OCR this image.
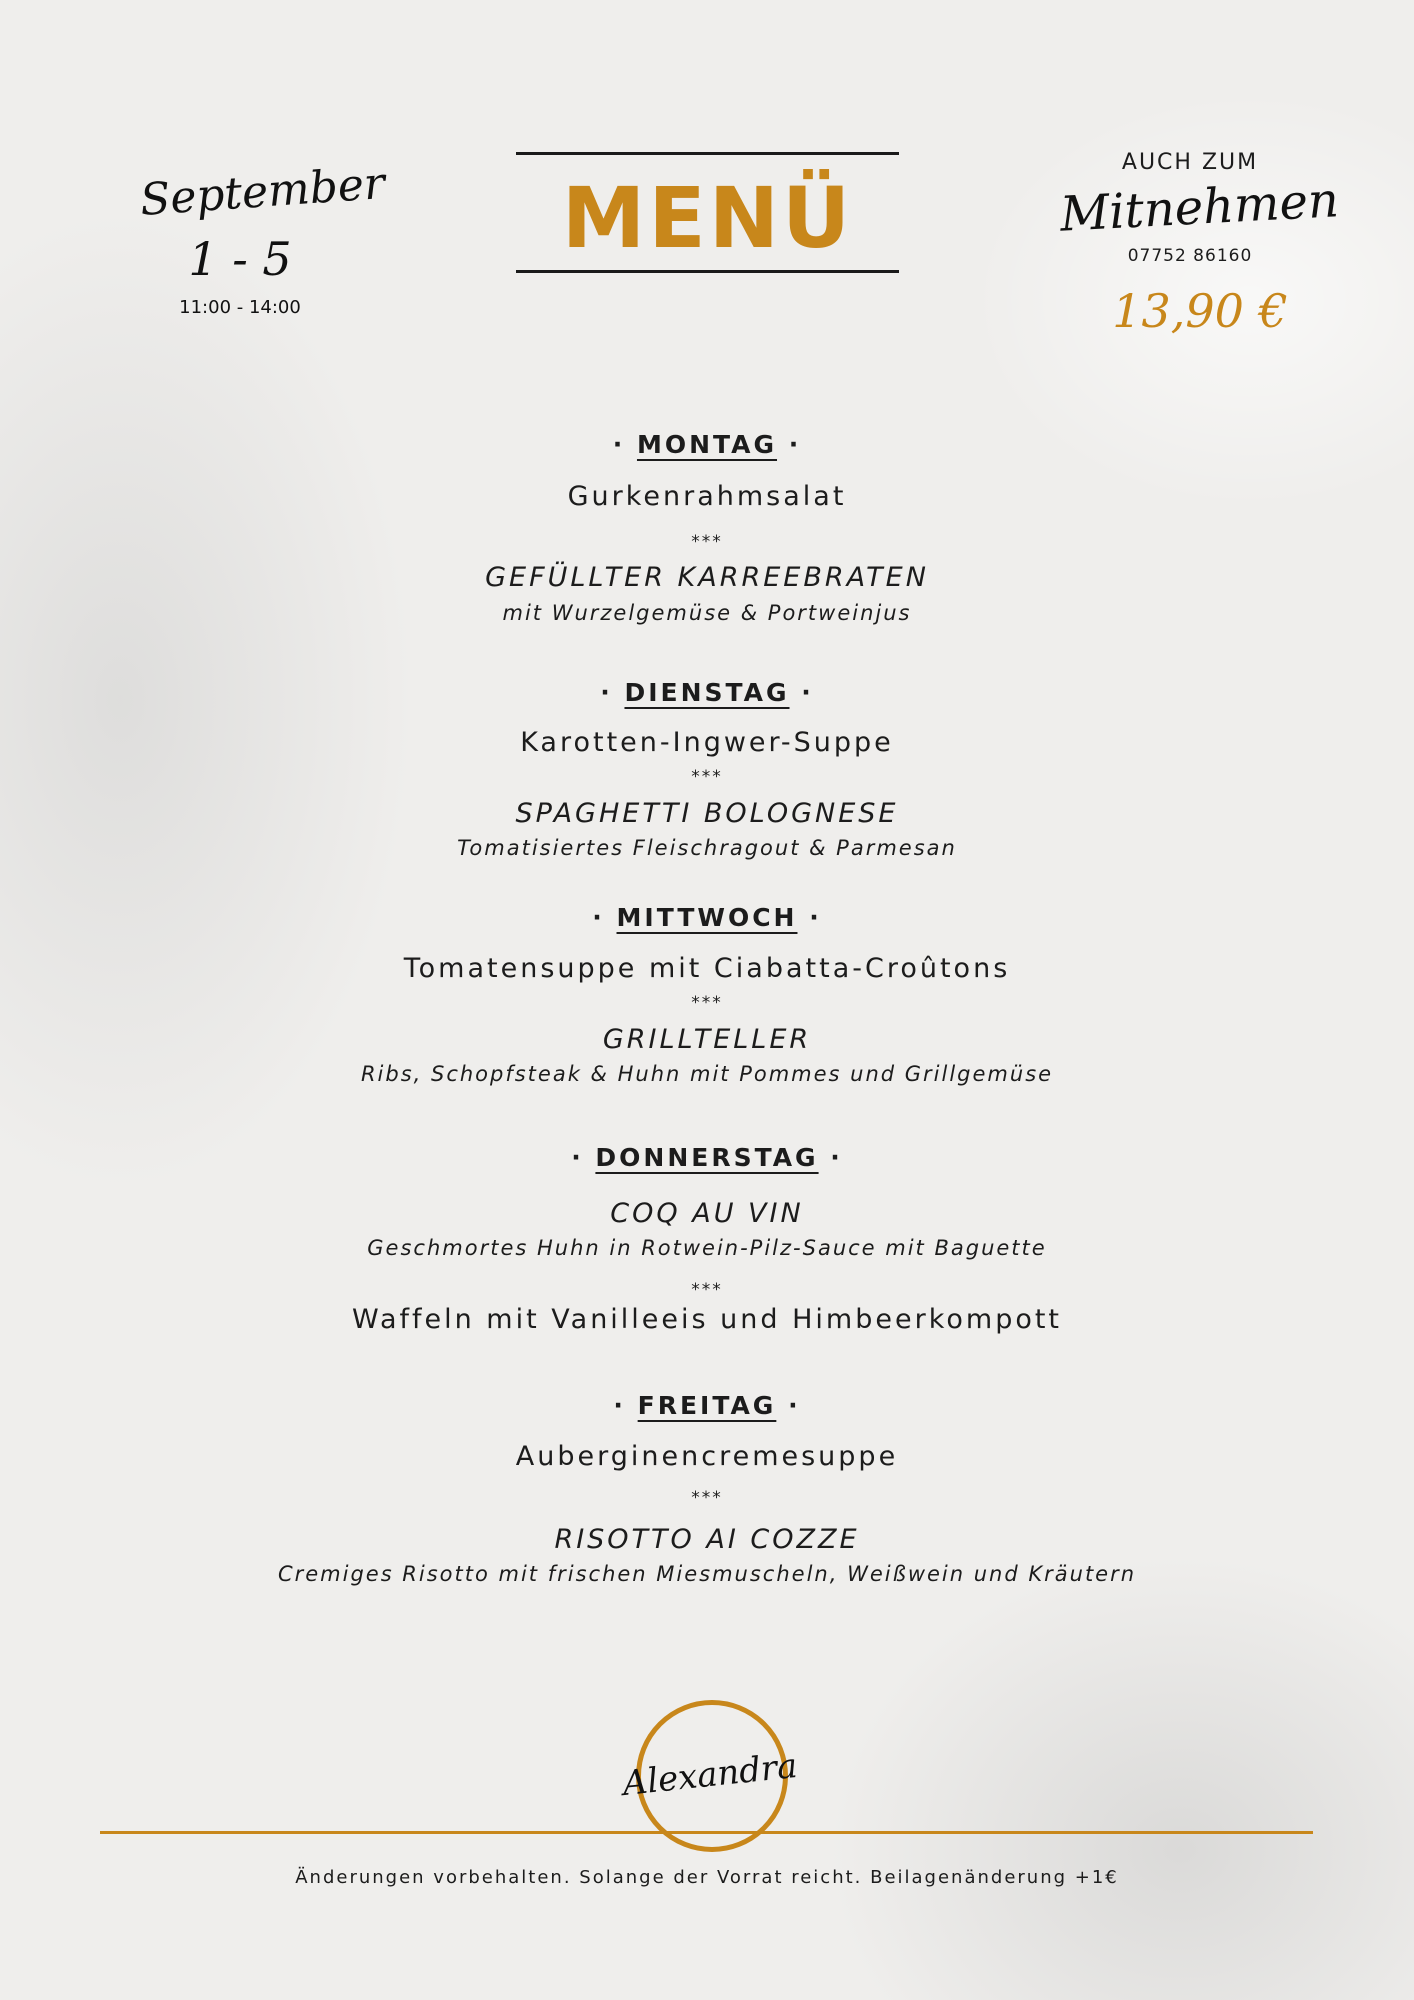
September
1 - 5
11:00 - 14:00
MENÜ
AUCH ZUM
Mitnehmen
07752 86160
13,90 €
· MONTAG ·
Gurkenrahmsalat
***
GEFÜLLTER KARREEBRATEN
mit Wurzelgemüse & Portweinjus
· DIENSTAG ·
Karotten-Ingwer-Suppe
***
SPAGHETTI BOLOGNESE
Tomatisiertes Fleischragout & Parmesan
· MITTWOCH ·
Tomatensuppe mit Ciabatta-Croûtons
***
GRILLTELLER
Ribs, Schopfsteak & Huhn mit Pommes und Grillgemüse
· DONNERSTAG ·
COQ AU VIN
Geschmortes Huhn in Rotwein-Pilz-Sauce mit Baguette
***
Waffeln mit Vanilleeis und Himbeerkompott
· FREITAG ·
Auberginencremesuppe
***
RISOTTO AI COZZE
Cremiges Risotto mit frischen Miesmuscheln, Weißwein und Kräutern
Alexandra
Änderungen vorbehalten. Solange der Vorrat reicht. Beilagenänderung +1€
